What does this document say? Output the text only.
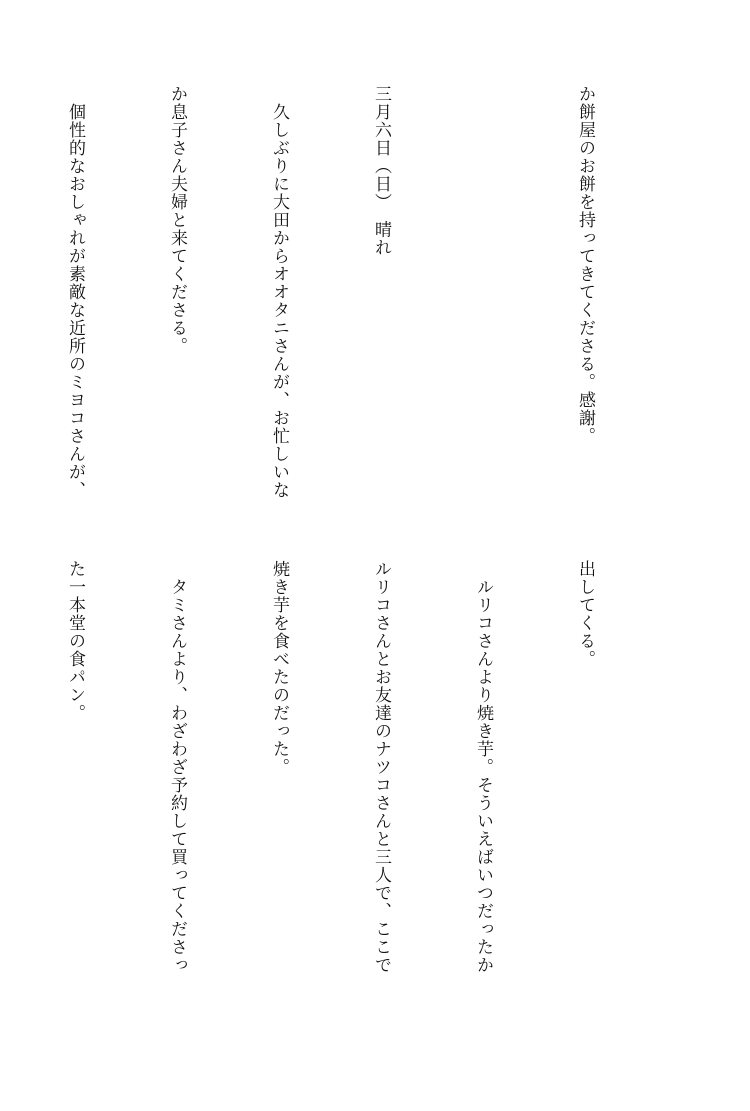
か餅屋のお餅を持ってきてくださる。感謝。

三月六日（日）　晴れ

　久しぶりに大田からオオタニさんが、お忙しいな

か息子さん夫婦と来てくださる。

　個性的なおしゃれが素敵な近所のミヨコさんが、

出してくる。

　ルリコさんより焼き芋。そういえばいつだったか

ルリコさんとお友達のナツコさんと三人で、ここで

焼き芋を食べたのだった。

　タミさんより、わざわざ予約して買ってくださっ

た一本堂の食パン。
